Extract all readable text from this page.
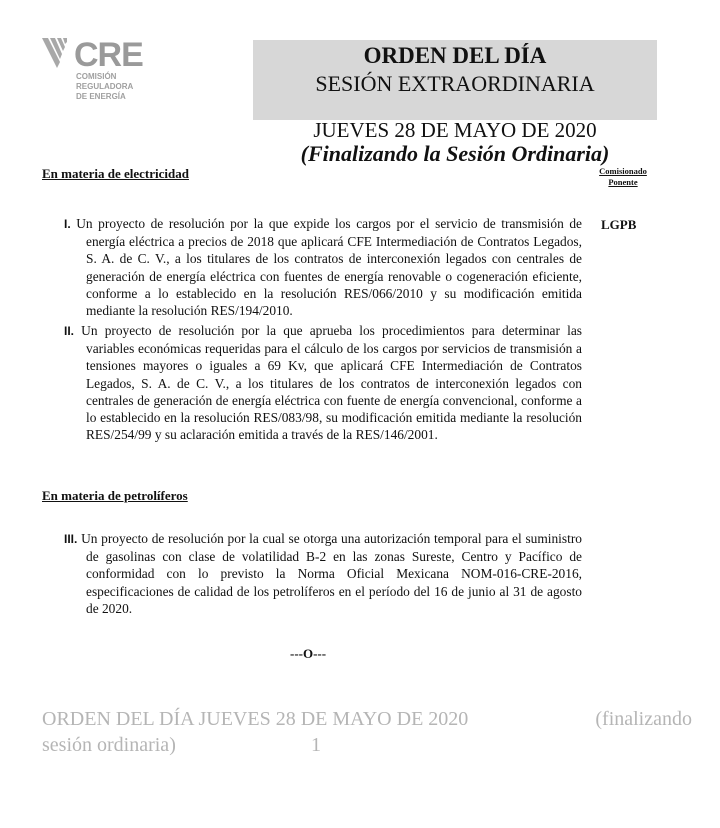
CRE
COMISIÓN
REGULADORA
DE ENERGÍA
ORDEN DEL DÍA
SESIÓN EXTRAORDINARIA
JUEVES 28 DE MAYO DE 2020
(Finalizando la Sesión Ordinaria)
En materia de electricidad	Comisionado
Ponente
I. Un proyecto de resolución por la que expide los cargos por el servicio de transmisión de energía eléctrica a precios de 2018 que aplicará CFE Intermediación de Contratos Legados, S. A. de C. V., a los titulares de los contratos de interconexión legados con centrales de generación de energía eléctrica con fuentes de energía renovable o cogeneración eficiente, conforme a lo establecido en la resolución RES/066/2010 y su modificación emitida mediante la resolución RES/194/2010.
LGPB
II. Un proyecto de resolución por la que aprueba los procedimientos para determinar las variables económicas requeridas para el cálculo de los cargos por servicios de transmisión a tensiones mayores o iguales a 69 Kv, que aplicará CFE Intermediación de Contratos Legados, S. A. de C. V., a los titulares de los contratos de interconexión legados con centrales de generación de energía eléctrica con fuente de energía convencional, conforme a lo establecido en la resolución RES/083/98, su modificación emitida mediante la resolución RES/254/99 y su aclaración emitida a través de la RES/146/2001.
En materia de petrolíferos
III. Un proyecto de resolución por la cual se otorga una autorización temporal para el suministro de gasolinas con clase de volatilidad B-2 en las zonas Sureste, Centro y Pacífico de conformidad con lo previsto la Norma Oficial Mexicana NOM-016-CRE-2016, especificaciones de calidad de los petrolíferos en el período del 16 de junio al 31 de agosto de 2020.
---O---
ORDEN DEL DÍA JUEVES 28 DE MAYO DE 2020	(finalizando
sesión ordinaria)	1
